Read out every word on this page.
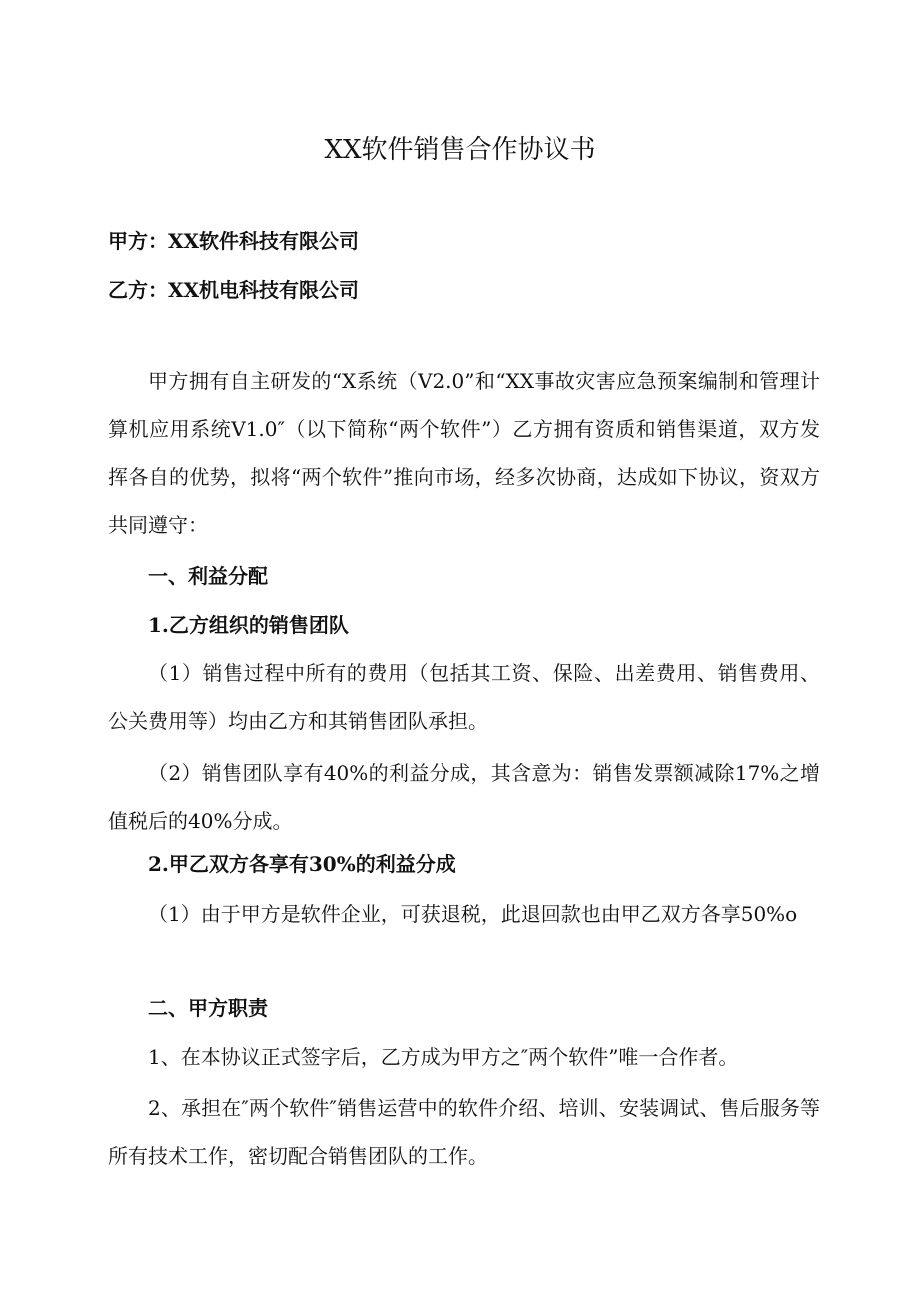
XX软件销售合作协议书
甲方：XX软件科技有限公司
乙方：XX机电科技有限公司
甲方拥有自主研发的“X系统（V2.0”和“XX事故灾害应急预案编制和管理计算机应用系统V1.0″（以下简称“两个软件”）乙方拥有资质和销售渠道，双方发挥各自的优势，拟将“两个软件”推向市场，经多次协商，达成如下协议，资双方共同遵守：
一、利益分配
1.乙方组织的销售团队
（1）销售过程中所有的费用（包括其工资、保险、出差费用、销售费用、公关费用等）均由乙方和其销售团队承担。
（2）销售团队享有40%的利益分成，其含意为：销售发票额减除17%之增值税后的40%分成。
2.甲乙双方各享有30%的利益分成
（1）由于甲方是软件企业，可获退税，此退回款也由甲乙双方各享50%o
二、甲方职责
1、在本协议正式签字后，乙方成为甲方之″两个软件”唯一合作者。
2、承担在″两个软件″销售运营中的软件介绍、培训、安装调试、售后服务等所有技术工作，密切配合销售团队的工作。
